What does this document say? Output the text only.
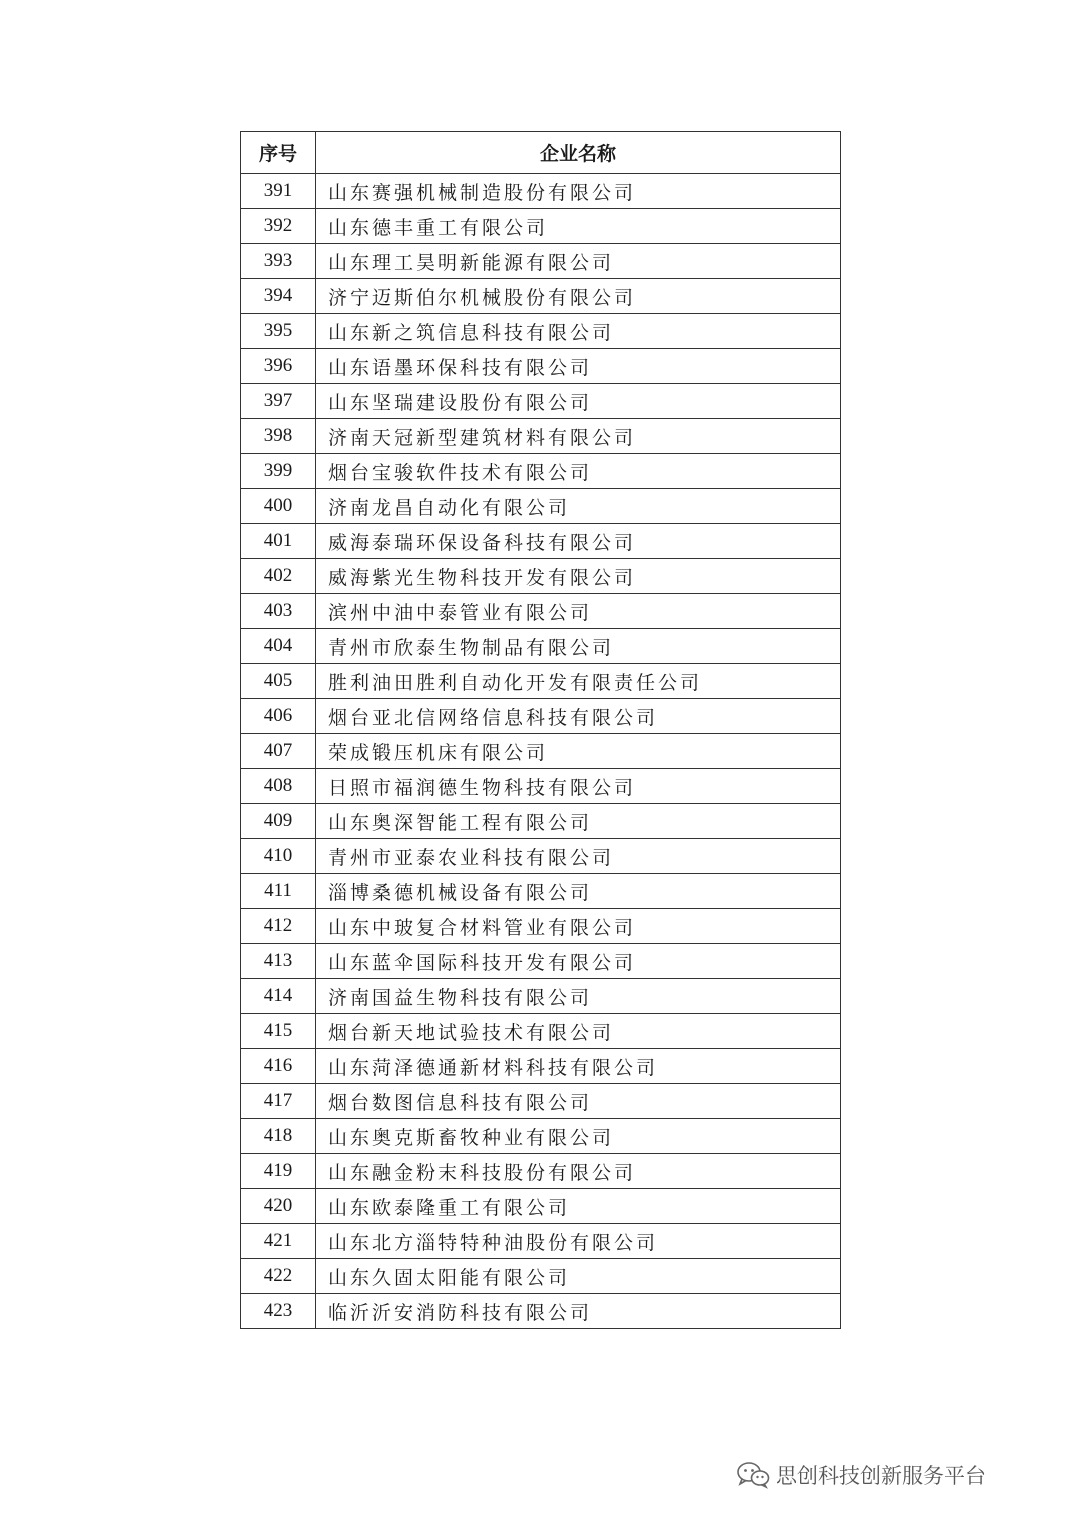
序号	企业名称
391	山东赛强机械制造股份有限公司
392	山东德丰重工有限公司
393	山东理工昊明新能源有限公司
394	济宁迈斯伯尔机械股份有限公司
395	山东新之筑信息科技有限公司
396	山东语墨环保科技有限公司
397	山东坚瑞建设股份有限公司
398	济南天冠新型建筑材料有限公司
399	烟台宝骏软件技术有限公司
400	济南龙昌自动化有限公司
401	威海泰瑞环保设备科技有限公司
402	威海紫光生物科技开发有限公司
403	滨州中油中泰管业有限公司
404	青州市欣泰生物制品有限公司
405	胜利油田胜利自动化开发有限责任公司
406	烟台亚北信网络信息科技有限公司
407	荣成锻压机床有限公司
408	日照市福润德生物科技有限公司
409	山东奥深智能工程有限公司
410	青州市亚泰农业科技有限公司
411	淄博桑德机械设备有限公司
412	山东中玻复合材料管业有限公司
413	山东蓝伞国际科技开发有限公司
414	济南国益生物科技有限公司
415	烟台新天地试验技术有限公司
416	山东菏泽德通新材料科技有限公司
417	烟台数图信息科技有限公司
418	山东奥克斯畜牧种业有限公司
419	山东融金粉末科技股份有限公司
420	山东欧泰隆重工有限公司
421	山东北方淄特特种油股份有限公司
422	山东久固太阳能有限公司
423	临沂沂安消防科技有限公司
思创科技创新服务平台
